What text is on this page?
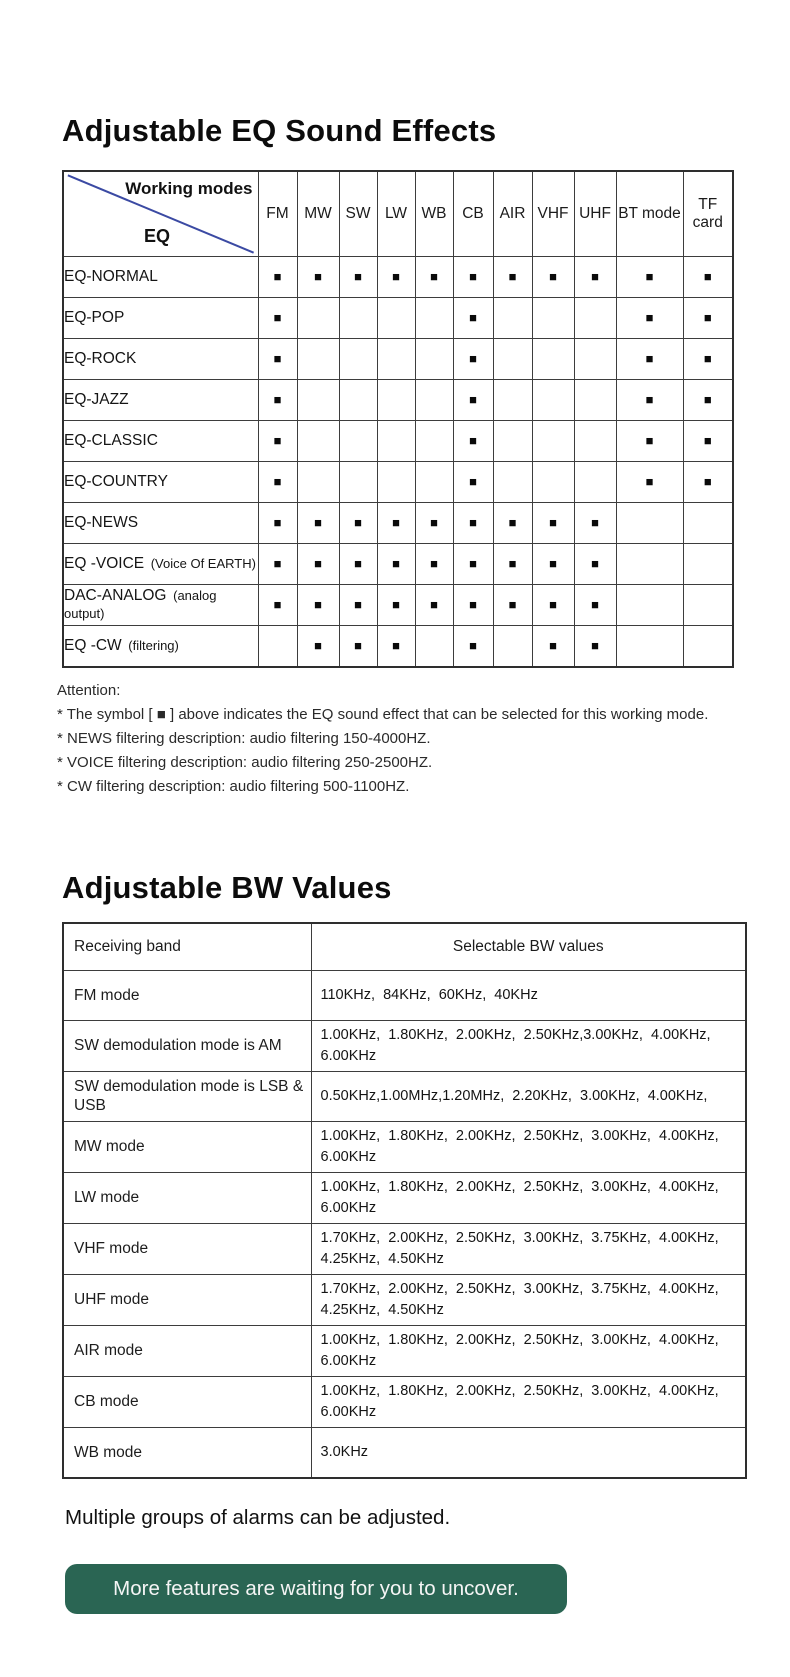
Adjustable EQ Sound Effects
Working modes
EQ	FM	MW	SW	LW	WB	CB	AIR	VHF	UHF	BT mode	TF card
EQ-NORMAL	■	■	■	■	■	■	■	■	■	■	■
EQ-POP	■					■				■	■
EQ-ROCK	■					■				■	■
EQ-JAZZ	■					■				■	■
EQ-CLASSIC	■					■				■	■
EQ-COUNTRY	■					■				■	■
EQ-NEWS	■	■	■	■	■	■	■	■	■		
EQ -VOICE (Voice Of EARTH)	■	■	■	■	■	■	■	■	■		
DAC-ANALOG (analog output)	■	■	■	■	■	■	■	■	■		
EQ -CW (filtering)		■	■	■		■		■	■		
Attention:
* The symbol [ ■ ] above indicates the EQ sound effect that can be selected for this working mode.
* NEWS filtering description: audio filtering 150-4000HZ.
* VOICE filtering description: audio filtering 250-2500HZ.
* CW filtering description: audio filtering 500-1100HZ.
Adjustable BW Values
Receiving band	Selectable BW values
FM mode	110KHz,  84KHz,  60KHz,  40KHz
SW demodulation mode is AM	1.00KHz,  1.80KHz,  2.00KHz,  2.50KHz,3.00KHz,  4.00KHz,  6.00KHz
SW demodulation mode is LSB & USB	0.50KHz,1.00MHz,1.20MHz,  2.20KHz,  3.00KHz,  4.00KHz,
MW mode	1.00KHz,  1.80KHz,  2.00KHz,  2.50KHz,  3.00KHz,  4.00KHz,  6.00KHz
LW mode	1.00KHz,  1.80KHz,  2.00KHz,  2.50KHz,  3.00KHz,  4.00KHz,  6.00KHz
VHF mode	1.70KHz,  2.00KHz,  2.50KHz,  3.00KHz,  3.75KHz,  4.00KHz,  4.25KHz,  4.50KHz
UHF mode	1.70KHz,  2.00KHz,  2.50KHz,  3.00KHz,  3.75KHz,  4.00KHz,  4.25KHz,  4.50KHz
AIR mode	1.00KHz,  1.80KHz,  2.00KHz,  2.50KHz,  3.00KHz,  4.00KHz,  6.00KHz
CB mode	1.00KHz,  1.80KHz,  2.00KHz,  2.50KHz,  3.00KHz,  4.00KHz,  6.00KHz
WB mode	3.0KHz

Multiple groups of alarms can be adjusted.

More features are waiting for you to uncover.
